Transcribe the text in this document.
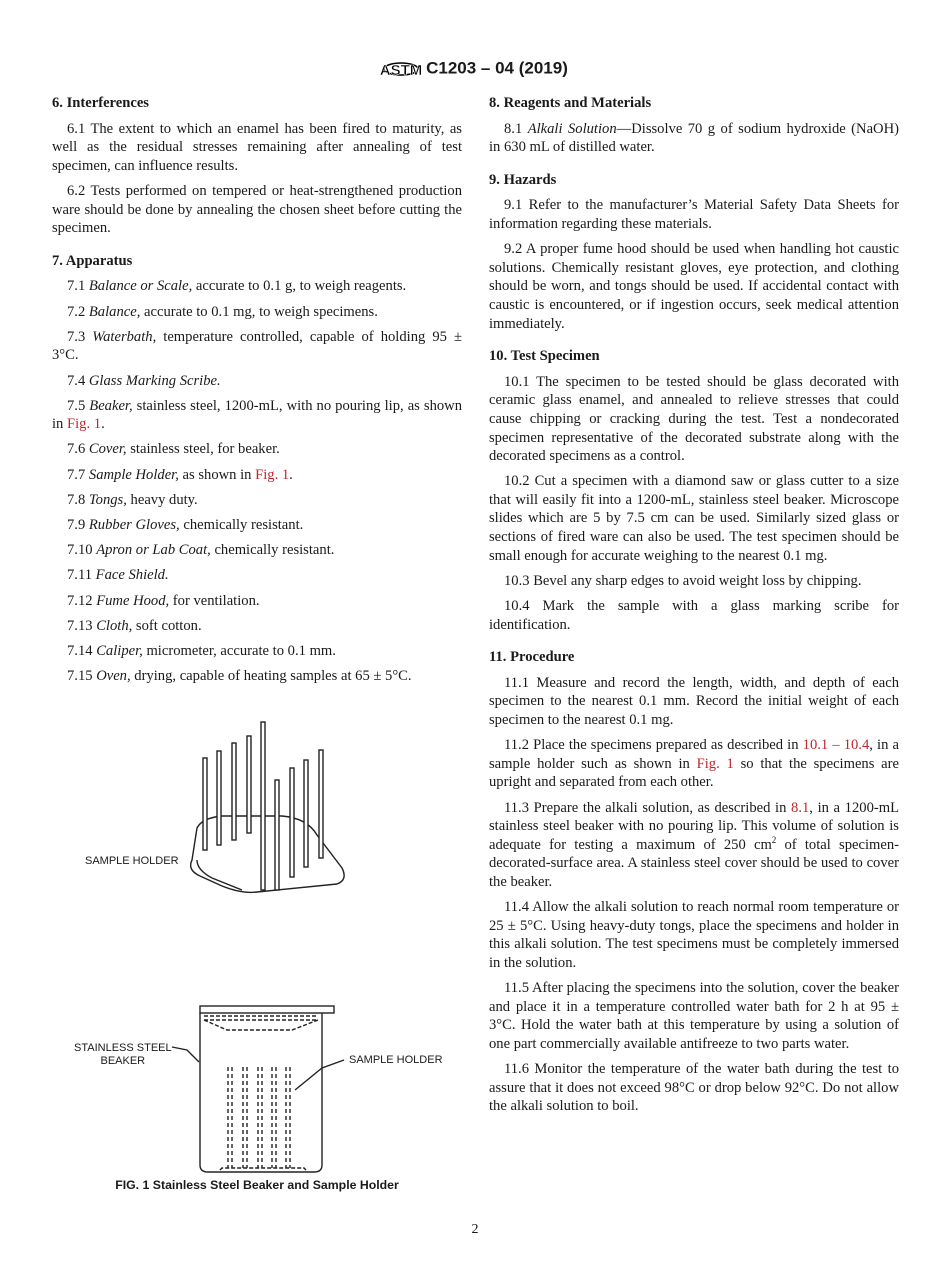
ASTM C1203 – 04 (2019)
6. Interferences

6.1 The extent to which an enamel has been fired to maturity, as well as the residual stresses remaining after annealing of test specimen, can influence results.

6.2 Tests performed on tempered or heat-strengthened production ware should be done by annealing the chosen sheet before cutting the specimen.

7. Apparatus

7.1 Balance or Scale, accurate to 0.1 g, to weigh reagents.

7.2 Balance, accurate to 0.1 mg, to weigh specimens.

7.3 Waterbath, temperature controlled, capable of holding 95 ± 3°C.

7.4 Glass Marking Scribe.

7.5 Beaker, stainless steel, 1200-mL, with no pouring lip, as shown in Fig. 1.

7.6 Cover, stainless steel, for beaker.

7.7 Sample Holder, as shown in Fig. 1.

7.8 Tongs, heavy duty.

7.9 Rubber Gloves, chemically resistant.

7.10 Apron or Lab Coat, chemically resistant.

7.11 Face Shield.

7.12 Fume Hood, for ventilation.

7.13 Cloth, soft cotton.

7.14 Caliper, micrometer, accurate to 0.1 mm.

7.15 Oven, drying, capable of heating samples at 65 ± 5°C.

8. Reagents and Materials

8.1 Alkali Solution—Dissolve 70 g of sodium hydroxide (NaOH) in 630 mL of distilled water.

9. Hazards

9.1 Refer to the manufacturer’s Material Safety Data Sheets for information regarding these materials.

9.2 A proper fume hood should be used when handling hot caustic solutions. Chemically resistant gloves, eye protection, and clothing should be worn, and tongs should be used. If accidental contact with caustic is encountered, or if ingestion occurs, seek medical attention immediately.

10. Test Specimen

10.1 The specimen to be tested should be glass decorated with ceramic glass enamel, and annealed to relieve stresses that could cause chipping or cracking during the test. Test a nondecorated specimen representative of the decorated substrate along with the decorated specimens as a control.

10.2 Cut a specimen with a diamond saw or glass cutter to a size that will easily fit into a 1200-mL, stainless steel beaker. Microscope slides which are 5 by 7.5 cm can be used. Similarly sized glass or sections of fired ware can also be used. The test specimen should be small enough for accurate weighing to the nearest 0.1 mg.

10.3 Bevel any sharp edges to avoid weight loss by chipping.

10.4 Mark the sample with a glass marking scribe for identification.

11. Procedure

11.1 Measure and record the length, width, and depth of each specimen to the nearest 0.1 mm. Record the initial weight of each specimen to the nearest 0.1 mg.

11.2 Place the specimens prepared as described in 10.1 – 10.4, in a sample holder such as shown in Fig. 1 so that the specimens are upright and separated from each other.

11.3 Prepare the alkali solution, as described in 8.1, in a 1200-mL stainless steel beaker with no pouring lip. This volume of solution is adequate for testing a maximum of 250 $cm^2$ of total specimen-decorated-surface area. A stainless steel cover should be used to cover the beaker.

11.4 Allow the alkali solution to reach normal room temperature or 25 ± 5°C. Using heavy-duty tongs, place the specimens and holder in this alkali solution. The test specimens must be completely immersed in the solution.

11.5 After placing the specimens into the solution, cover the beaker and place it in a temperature controlled water bath for 2 h at 95 ± 3°C. Hold the water bath at this temperature by using a solution of one part commercially available antifreeze to two parts water.

11.6 Monitor the temperature of the water bath during the test to assure that it does not exceed 98°C or drop below 92°C. Do not allow the alkali solution to boil.

SAMPLE HOLDER
STAINLESS STEEL
BEAKER	SAMPLE HOLDER
FIG. 1 Stainless Steel Beaker and Sample Holder
2
